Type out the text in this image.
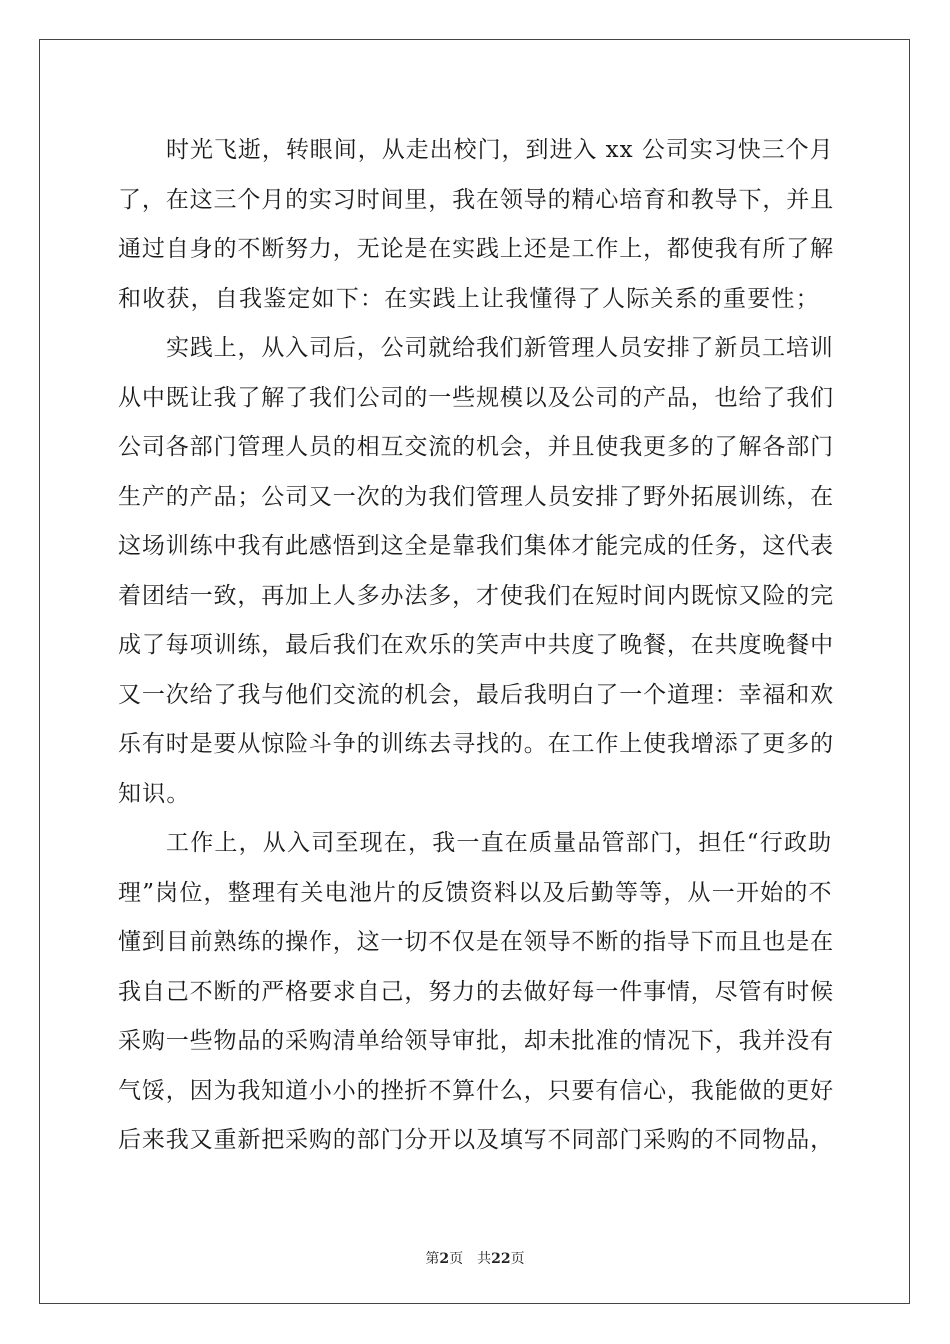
时光飞逝，转眼间，从走出校门，到进入 xx 公司实习快三个月
了，在这三个月的实习时间里，我在领导的精心培育和教导下，并且
通过自身的不断努力，无论是在实践上还是工作上，都使我有所了解
和收获，自我鉴定如下：在实践上让我懂得了人际关系的重要性；
实践上，从入司后，公司就给我们新管理人员安排了新员工培训
从中既让我了解了我们公司的一些规模以及公司的产品，也给了我们
公司各部门管理人员的相互交流的机会，并且使我更多的了解各部门
生产的产品；公司又一次的为我们管理人员安排了野外拓展训练，在
这场训练中我有此感悟到这全是靠我们集体才能完成的任务，这代表
着团结一致，再加上人多办法多，才使我们在短时间内既惊又险的完
成了每项训练，最后我们在欢乐的笑声中共度了晚餐，在共度晚餐中
又一次给了我与他们交流的机会，最后我明白了一个道理：幸福和欢
乐有时是要从惊险斗争的训练去寻找的。在工作上使我增添了更多的
知识。
工作上，从入司至现在，我一直在质量品管部门，担任“行政助
理”岗位，整理有关电池片的反馈资料以及后勤等等，从一开始的不
懂到目前熟练的操作，这一切不仅是在领导不断的指导下而且也是在
我自己不断的严格要求自己，努力的去做好每一件事情，尽管有时候
采购一些物品的采购清单给领导审批，却未批准的情况下，我并没有
气馁，因为我知道小小的挫折不算什么，只要有信心，我能做的更好
后来我又重新把采购的部门分开以及填写不同部门采购的不同物品，
第2页 共22页
